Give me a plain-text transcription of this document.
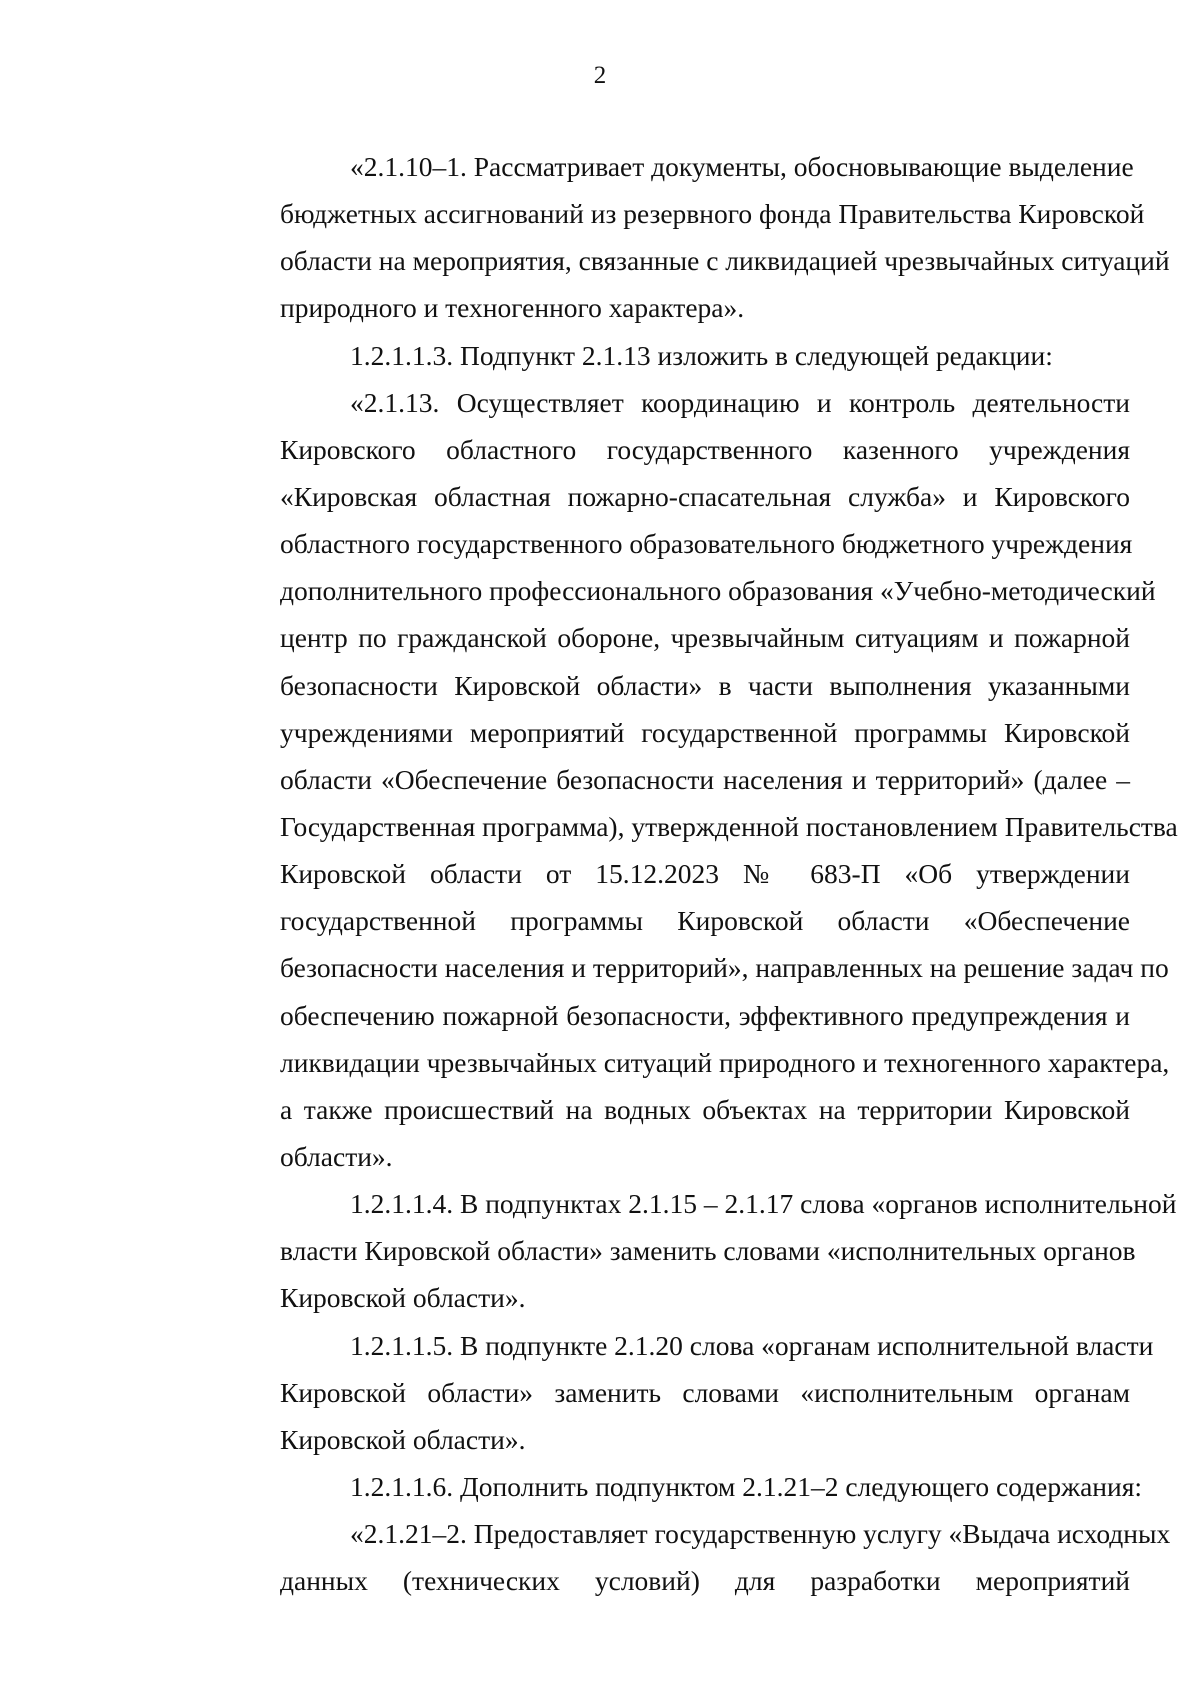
2
«2.1.10–1. Рассматривает документы, обосновывающие выделение
бюджетных ассигнований из резервного фонда Правительства Кировской
области на мероприятия, связанные с ликвидацией чрезвычайных ситуаций
природного и техногенного характера».
1.2.1.1.3. Подпункт 2.1.13 изложить в следующей редакции:
«2.1.13. Осуществляет координацию и контроль деятельности
Кировского областного государственного казенного учреждения
«Кировская областная пожарно-спасательная служба» и Кировского
областного государственного образовательного бюджетного учреждения
дополнительного профессионального образования «Учебно-методический
центр по гражданской обороне, чрезвычайным ситуациям и пожарной
безопасности Кировской области» в части выполнения указанными
учреждениями мероприятий государственной программы Кировской
области «Обеспечение безопасности населения и территорий» (далее –
Государственная программа), утвержденной постановлением Правительства
Кировской области от 15.12.2023 № 683-П «Об утверждении
государственной программы Кировской области «Обеспечение
безопасности населения и территорий», направленных на решение задач по
обеспечению пожарной безопасности, эффективного предупреждения и
ликвидации чрезвычайных ситуаций природного и техногенного характера,
а также происшествий на водных объектах на территории Кировской
области».
1.2.1.1.4. В подпунктах 2.1.15 – 2.1.17 слова «органов исполнительной
власти Кировской области» заменить словами «исполнительных органов
Кировской области».
1.2.1.1.5. В подпункте 2.1.20 слова «органам исполнительной власти
Кировской области» заменить словами «исполнительным органам
Кировской области».
1.2.1.1.6. Дополнить подпунктом 2.1.21–2 следующего содержания:
«2.1.21–2. Предоставляет государственную услугу «Выдача исходных
данных (технических условий) для разработки мероприятий
